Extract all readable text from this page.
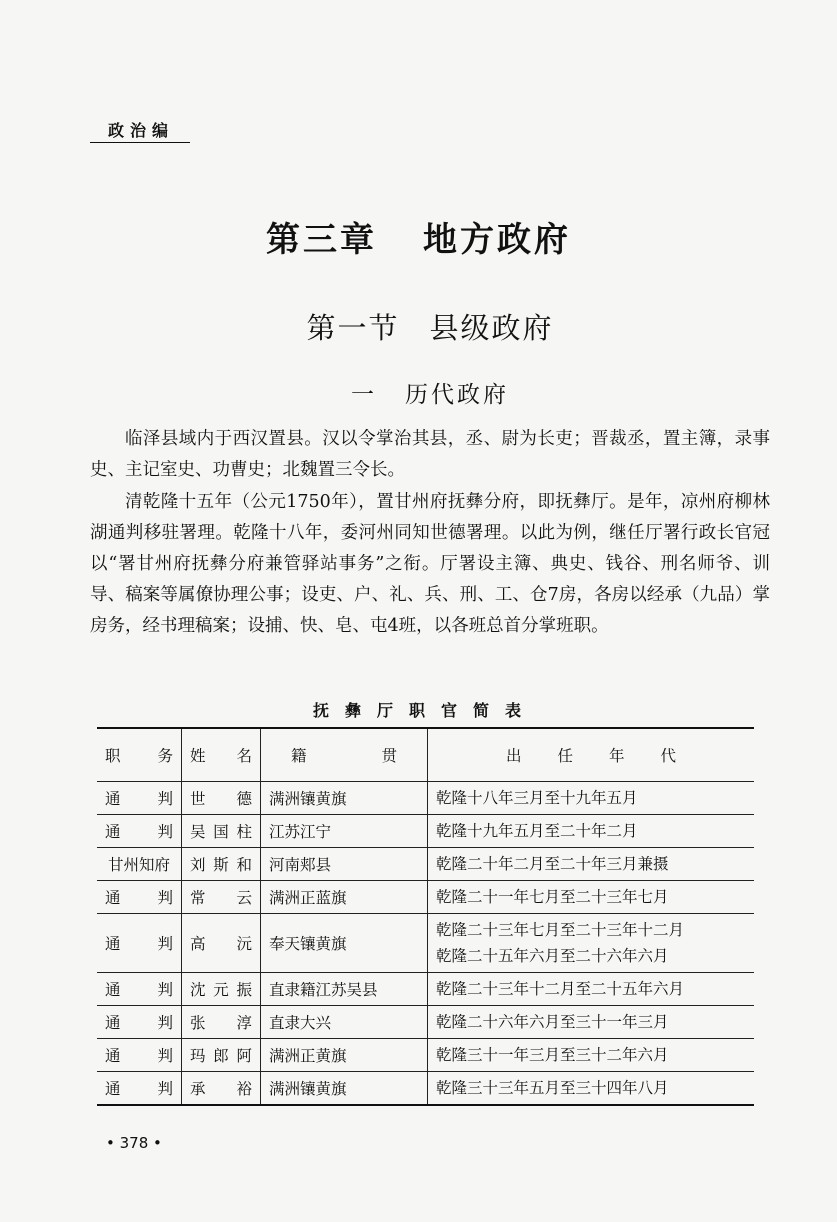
政治编
第三章 地方政府
第一节 县级政府
一 历代政府

临泽县域内于西汉置县。汉以令掌治其县，丞、尉为长吏；晋裁丞，置主簿，录事史、主记室史、功曹史；北魏置三令长。

清乾隆十五年（公元1750年），置甘州府抚彝分府，即抚彝厅。是年，凉州府柳林湖通判移驻署理。乾隆十八年，委河州同知世德署理。以此为例，继任厅署行政长官冠以“署甘州府抚彝分府兼管驿站事务”之衔。厅署设主簿、典史、钱谷、刑名师爷、训导、稿案等属僚协理公事；设吏、户、礼、兵、刑、工、仓7房，各房以经承（九品）掌房务，经书理稿案；设捕、快、皂、屯4班，以各班总首分掌班职。

抚彝厅职官简表
职务	姓名	籍贯	出任年代

通判	世德	满洲镶黄旗	乾隆十八年三月至十九年五月

通判	吴国柱	江苏江宁	乾隆十九年五月至二十年二月

甘州知府	刘斯和	河南郏县	乾隆二十年二月至二十年三月兼摄

通判	常云	满洲正蓝旗	乾隆二十一年七月至二十三年七月

通判	高沅	奉天镶黄旗	乾隆二十三年七月至二十三年十二月
乾隆二十五年六月至二十六年六月

通判	沈元振	直隶籍江苏吴县	乾隆二十三年十二月至二十五年六月

通判	张淳	直隶大兴	乾隆二十六年六月至三十一年三月

通判	玛郎阿	满洲正黄旗	乾隆三十一年三月至三十二年六月

通判	承裕	满洲镶黄旗	乾隆三十三年五月至三十四年八月
• 378 •
